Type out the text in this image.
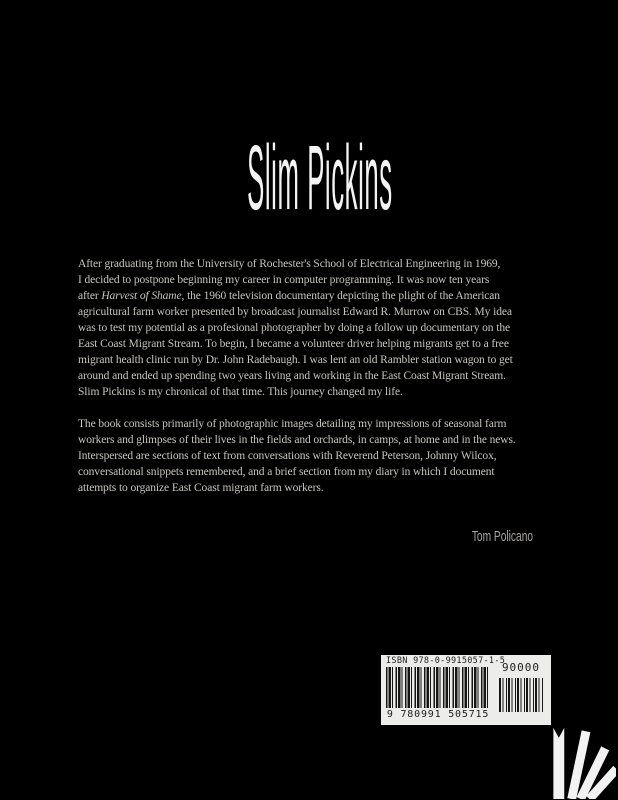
Slim Pickins
After graduating from the University of Rochester's School of Electrical Engineering in 1969,
I decided to postpone beginning my career in computer programming. It was now ten years
after Harvest of Shame, the 1960 television documentary depicting the plight of the American
agricultural farm worker presented by broadcast journalist Edward R. Murrow on CBS. My idea
was to test my potential as a profesional photographer by doing a follow up documentary on the
East Coast Migrant Stream. To begin, I became a volunteer driver helping migrants get to a free
migrant health clinic run by Dr. John Radebaugh. I was lent an old Rambler station wagon to get
around and ended up spending two years living and working in the East Coast Migrant Stream.
Slim Pickins is my chronical of that time. This journey changed my life.
The book consists primarily of photographic images detailing my impressions of seasonal farm
workers and glimpses of their lives in the fields and orchards, in camps, at home and in the news.
Interspersed are sections of text from conversations with Reverend Peterson, Johnny Wilcox,
conversational snippets remembered, and a brief section from my diary in which I document
attempts to organize East Coast migrant farm workers.
Tom Policano
ISBN 978-0-9915057-1-5
9 780991 505715
90000
